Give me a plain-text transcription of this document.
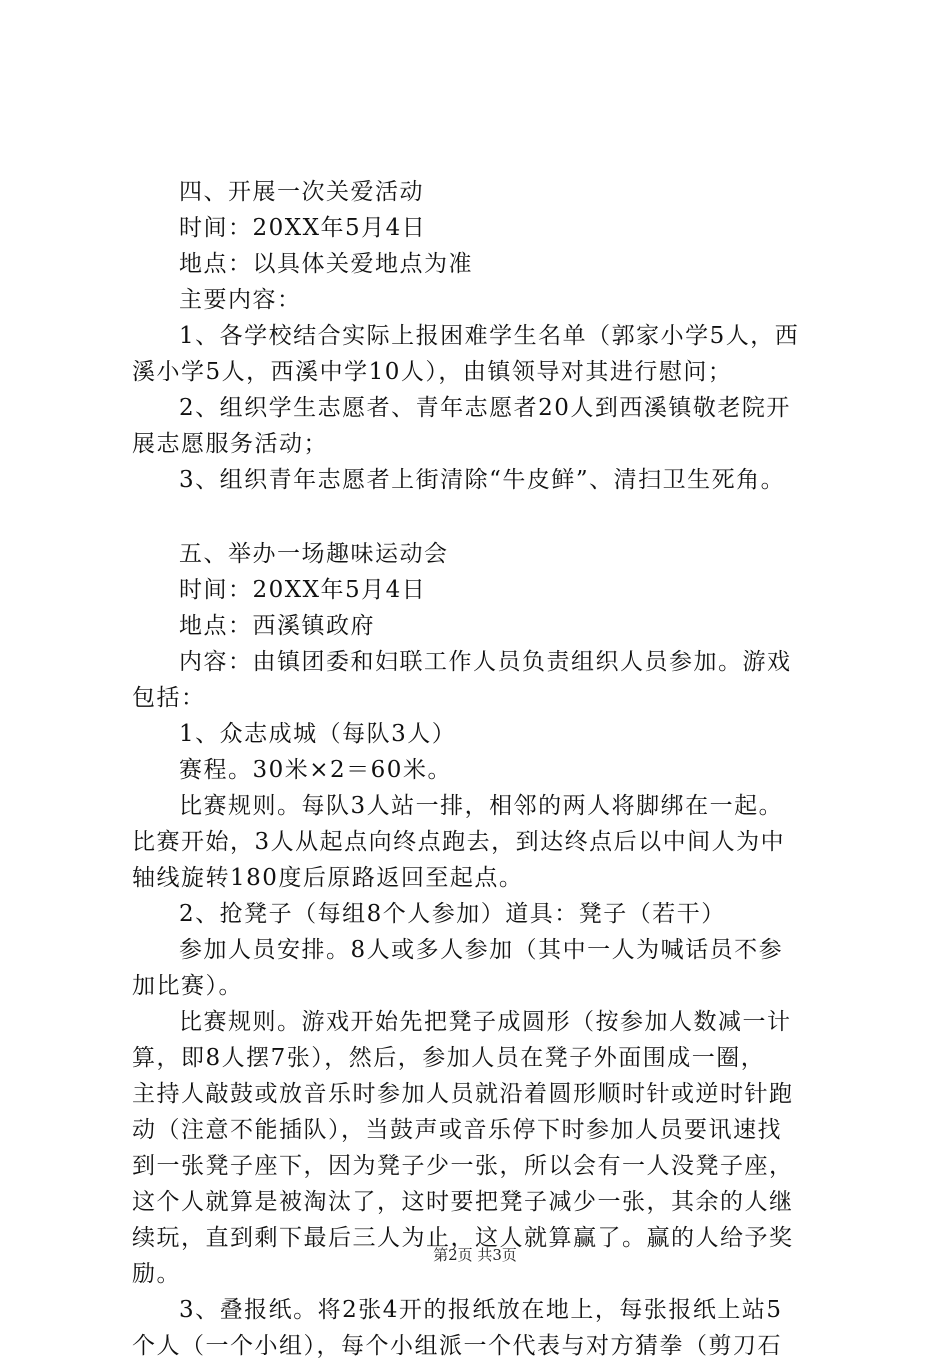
四、开展一次关爱活动
时间：20XX年5月4日
地点：以具体关爱地点为准
主要内容：
1、各学校结合实际上报困难学生名单（郭家小学5人，西
溪小学5人，西溪中学10人），由镇领导对其进行慰问；
2、组织学生志愿者、青年志愿者20人到西溪镇敬老院开
展志愿服务活动；
3、组织青年志愿者上街清除“牛皮鲜”、清扫卫生死角。
五、举办一场趣味运动会
时间：20XX年5月4日
地点：西溪镇政府
内容：由镇团委和妇联工作人员负责组织人员参加。游戏
包括：
1、众志成城（每队3人）
赛程。30米×2＝60米。
比赛规则。每队3人站一排，相邻的两人将脚绑在一起。
比赛开始，3人从起点向终点跑去，到达终点后以中间人为中
轴线旋转180度后原路返回至起点。
2、抢凳子（每组8个人参加）道具：凳子（若干）
参加人员安排。8人或多人参加（其中一人为喊话员不参
加比赛）。
比赛规则。游戏开始先把凳子成圆形（按参加人数减一计
算，即8人摆7张），然后，参加人员在凳子外面围成一圈，
主持人敲鼓或放音乐时参加人员就沿着圆形顺时针或逆时针跑
动（注意不能插队），当鼓声或音乐停下时参加人员要讯速找
到一张凳子座下，因为凳子少一张，所以会有一人没凳子座，
这个人就算是被淘汰了，这时要把凳子减少一张，其余的人继
续玩，直到剩下最后三人为止，这人就算赢了。赢的人给予奖
励。
3、叠报纸。将2张4开的报纸放在地上，每张报纸上站5
个人（一个小组），每个小组派一个代表与对方猜拳（剪刀石
第2页 共3页
